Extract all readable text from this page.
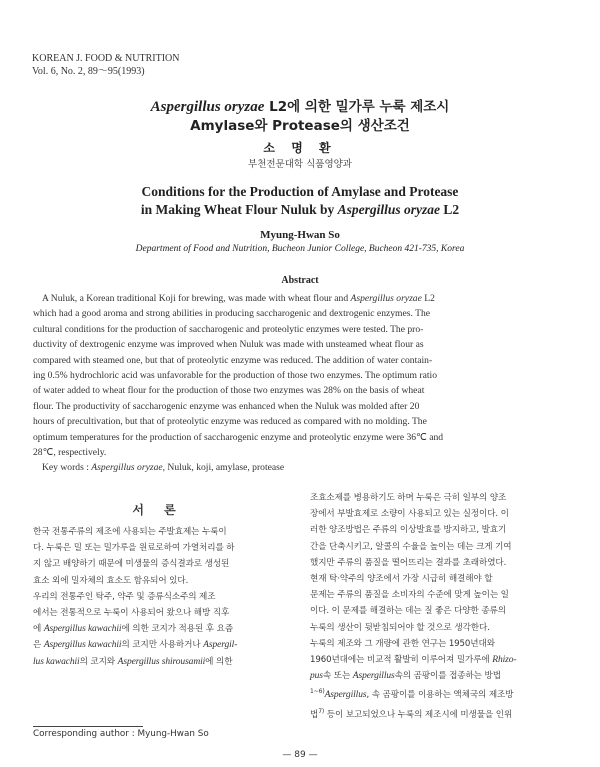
KOREAN J. FOOD & NUTRITION
Vol. 6, No. 2, 89～95(1993)
Aspergillus oryzae L2에 의한 밀가루 누룩 제조시
Amylase와 Protease의 생산조건
소 명 환
부천전문대학 식품영양과
Conditions for the Production of Amylase and Protease
in Making Wheat Flour Nuluk by Aspergillus oryzae L2
Myung-Hwan So
Department of Food and Nutrition, Bucheon Junior College, Bucheon 421-735, Korea
Abstract
A Nuluk, a Korean traditional Koji for brewing, was made with wheat flour and Aspergillus oryzae L2
which had a good aroma and strong abilities in producing saccharogenic and dextrogenic enzymes. The
cultural conditions for the production of saccharogenic and proteolytic enzymes were tested. The pro-
ductivity of dextrogenic enzyme was improved when Nuluk was made with unsteamed wheat flour as
compared with steamed one, but that of proteolytic enzyme was reduced. The addition of water contain-
ing 0.5% hydrochloric acid was unfavorable for the production of those two enzymes. The optimum ratio
of water added to wheat flour for the production of those two enzymes was 28% on the basis of wheat
flour. The productivity of saccharogenic enzyme was enhanced when the Nuluk was molded after 20
hours of precultivation, but that of proteolytic enzyme was reduced as compared with no molding. The
optimum temperatures for the production of saccharogenic enzyme and proteolytic enzyme were 36℃ and
28℃, respectively.
Key words : Aspergillus oryzae, Nuluk, koji, amylase, protease
서 론
한국 전통주류의 제조에 사용되는 주발효제는 누룩이
다. 누룩은 밀 또는 밀가루을 원료로하여 가열처리를 하
지 않고 배양하기 때문에 미생물의 증식결과로 생성된
효소 외에 밀자체의 효소도 함유되어 있다.
우리의 전통주인 탁주, 약주 및 증류식소주의 제조
에서는 전통적으로 누룩이 사용되어 왔으나 해방 직후
에 Aspergillus kawachii에 의한 코지가 적용된 후 요즘
은 Aspergillus kawachii의 코지만 사용하거나 Aspergil-
lus kawachii의 코지와 Aspergillus shirousamii에 의한
조효소제를 병용하기도 하며 누룩은 극히 일부의 양조
장에서 부발효제로 소량이 사용되고 있는 실정이다. 이
러한 양조방법은 주류의 이상발효를 방지하고, 발효기
간을 단축시키고, 알콜의 수율을 높이는 데는 크게 기여
했지만 주류의 품질을 떨어뜨리는 결과를 초래하였다.
현재 탁·약주의 양조에서 가장 시급히 해결해야 할
문제는 주류의 품질을 소비자의 수준에 맞게 높이는 일
이다. 이 문제를 해결하는 데는 질 좋은 다양한 종류의
누룩의 생산이 뒷받침되어야 할 것으로 생각한다.
누룩의 제조와 그 개량에 관한 연구는 1950년대와
1960년대에는 비교적 활발히 이루어져 밀가루에 Rhizo-
pus속 또는 Aspergillus속의 곰팡이를 접종하는 방법
$^{1\sim 6)}$Aspergillus, 속 곰팡이를 이용하는 액체국의 제조방
법$^{7)}$ 등이 보고되었으나 누룩의 제조시에 미생물을 인위
Corresponding author : Myung-Hwan So
— 89 —
